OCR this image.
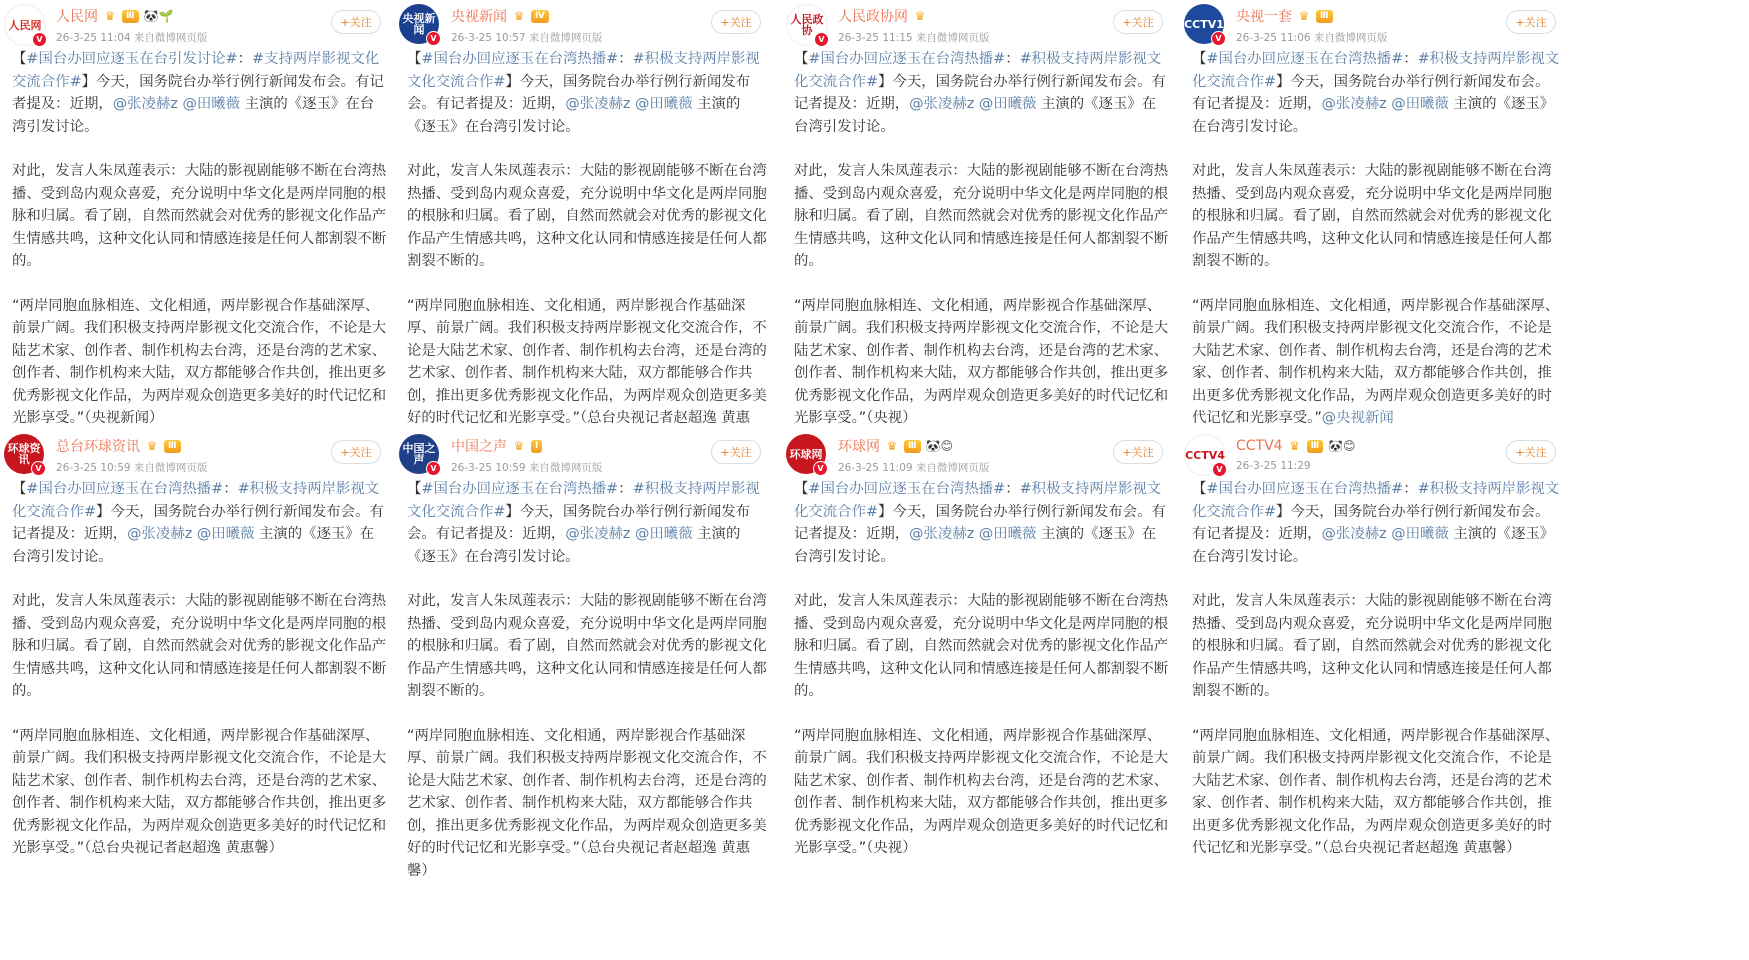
人民网
V
人民网 ♛	Ⅲ 🐼🌱
26-3-25 11:04 来自微博网页版
+关注

【#国台办回应逐玉在台引发讨论#：#支持两岸影视文化交流合作#】今天，国务院台办举行例行新闻发布会。有记者提及：近期，@张凌赫z @田曦薇 主演的《逐玉》在台湾引发讨论。

对此，发言人朱凤莲表示：大陆的影视剧能够不断在台湾热播、受到岛内观众喜爱，充分说明中华文化是两岸同胞的根脉和归属。看了剧，自然而然就会对优秀的影视文化作品产生情感共鸣，这种文化认同和情感连接是任何人都割裂不断的。

“两岸同胞血脉相连、文化相通，两岸影视合作基础深厚、前景广阔。我们积极支持两岸影视文化交流合作，不论是大陆艺术家、创作者、制作机构去台湾，还是台湾的艺术家、创作者、制作机构来大陆，双方都能够合作共创，推出更多优秀影视文化作品，为两岸观众创造更多美好的时代记忆和光影享受。”（央视新闻）

央视新闻
V
央视新闻 ♛	Ⅳ
26-3-25 10:57 来自微博网页版
+关注

【#国台办回应逐玉在台湾热播#：#积极支持两岸影视文化交流合作#】今天，国务院台办举行例行新闻发布会。有记者提及：近期，@张凌赫z @田曦薇 主演的《逐玉》在台湾引发讨论。

对此，发言人朱凤莲表示：大陆的影视剧能够不断在台湾热播、受到岛内观众喜爱，充分说明中华文化是两岸同胞的根脉和归属。看了剧，自然而然就会对优秀的影视文化作品产生情感共鸣，这种文化认同和情感连接是任何人都割裂不断的。

“两岸同胞血脉相连、文化相通，两岸影视合作基础深厚、前景广阔。我们积极支持两岸影视文化交流合作，不论是大陆艺术家、创作者、制作机构去台湾，还是台湾的艺术家、创作者、制作机构来大陆，双方都能够合作共创，推出更多优秀影视文化作品，为两岸观众创造更多美好的时代记忆和光影享受。”（总台央视记者赵超逸 黄惠

人民政协
V
人民政协网 ♛
26-3-25 11:15 来自微博网页版
+关注

【#国台办回应逐玉在台湾热播#：#积极支持两岸影视文化交流合作#】今天，国务院台办举行例行新闻发布会。有记者提及：近期，@张凌赫z @田曦薇 主演的《逐玉》在台湾引发讨论。

对此，发言人朱凤莲表示：大陆的影视剧能够不断在台湾热播、受到岛内观众喜爱，充分说明中华文化是两岸同胞的根脉和归属。看了剧，自然而然就会对优秀的影视文化作品产生情感共鸣，这种文化认同和情感连接是任何人都割裂不断的。

“两岸同胞血脉相连、文化相通，两岸影视合作基础深厚、前景广阔。我们积极支持两岸影视文化交流合作，不论是大陆艺术家、创作者、制作机构去台湾，还是台湾的艺术家、创作者、制作机构来大陆，双方都能够合作共创，推出更多优秀影视文化作品，为两岸观众创造更多美好的时代记忆和光影享受。”（央视）

CCTV1
V
央视一套 ♛	Ⅲ
26-3-25 11:06 来自微博网页版
+关注

【#国台办回应逐玉在台湾热播#：#积极支持两岸影视文化交流合作#】今天，国务院台办举行例行新闻发布会。有记者提及：近期，@张凌赫z @田曦薇 主演的《逐玉》在台湾引发讨论。

对此，发言人朱凤莲表示：大陆的影视剧能够不断在台湾热播、受到岛内观众喜爱，充分说明中华文化是两岸同胞的根脉和归属。看了剧，自然而然就会对优秀的影视文化作品产生情感共鸣，这种文化认同和情感连接是任何人都割裂不断的。

“两岸同胞血脉相连、文化相通，两岸影视合作基础深厚、前景广阔。我们积极支持两岸影视文化交流合作，不论是大陆艺术家、创作者、制作机构去台湾，还是台湾的艺术家、创作者、制作机构来大陆，双方都能够合作共创，推出更多优秀影视文化作品，为两岸观众创造更多美好的时代记忆和光影享受。”@央视新闻

环球资讯
V
总台环球资讯 ♛	Ⅲ
26-3-25 10:59 来自微博网页版
+关注

【#国台办回应逐玉在台湾热播#：#积极支持两岸影视文化交流合作#】今天，国务院台办举行例行新闻发布会。有记者提及：近期，@张凌赫z @田曦薇 主演的《逐玉》在台湾引发讨论。

对此，发言人朱凤莲表示：大陆的影视剧能够不断在台湾热播、受到岛内观众喜爱，充分说明中华文化是两岸同胞的根脉和归属。看了剧，自然而然就会对优秀的影视文化作品产生情感共鸣，这种文化认同和情感连接是任何人都割裂不断的。

“两岸同胞血脉相连、文化相通，两岸影视合作基础深厚、前景广阔。我们积极支持两岸影视文化交流合作，不论是大陆艺术家、创作者、制作机构去台湾，还是台湾的艺术家、创作者、制作机构来大陆，双方都能够合作共创，推出更多优秀影视文化作品，为两岸观众创造更多美好的时代记忆和光影享受。”（总台央视记者赵超逸 黄惠馨）

中国之声
V
中国之声 ♛	Ⅰ
26-3-25 10:59 来自微博网页版
+关注

【#国台办回应逐玉在台湾热播#：#积极支持两岸影视文化交流合作#】今天，国务院台办举行例行新闻发布会。有记者提及：近期，@张凌赫z @田曦薇 主演的《逐玉》在台湾引发讨论。

对此，发言人朱凤莲表示：大陆的影视剧能够不断在台湾热播、受到岛内观众喜爱，充分说明中华文化是两岸同胞的根脉和归属。看了剧，自然而然就会对优秀的影视文化作品产生情感共鸣，这种文化认同和情感连接是任何人都割裂不断的。

“两岸同胞血脉相连、文化相通，两岸影视合作基础深厚、前景广阔。我们积极支持两岸影视文化交流合作，不论是大陆艺术家、创作者、制作机构去台湾，还是台湾的艺术家、创作者、制作机构来大陆，双方都能够合作共创，推出更多优秀影视文化作品，为两岸观众创造更多美好的时代记忆和光影享受。”（总台央视记者赵超逸 黄惠馨）

环球网
V
环球网 ♛	Ⅲ 🐼😊
26-3-25 11:09 来自微博网页版
+关注

【#国台办回应逐玉在台湾热播#：#积极支持两岸影视文化交流合作#】今天，国务院台办举行例行新闻发布会。有记者提及：近期，@张凌赫z @田曦薇 主演的《逐玉》在台湾引发讨论。

对此，发言人朱凤莲表示：大陆的影视剧能够不断在台湾热播、受到岛内观众喜爱，充分说明中华文化是两岸同胞的根脉和归属。看了剧，自然而然就会对优秀的影视文化作品产生情感共鸣，这种文化认同和情感连接是任何人都割裂不断的。

“两岸同胞血脉相连、文化相通，两岸影视合作基础深厚、前景广阔。我们积极支持两岸影视文化交流合作，不论是大陆艺术家、创作者、制作机构去台湾，还是台湾的艺术家、创作者、制作机构来大陆，双方都能够合作共创，推出更多优秀影视文化作品，为两岸观众创造更多美好的时代记忆和光影享受。”（央视）

CCTV4
V
CCTV4 ♛	Ⅲ 🐼😊
26-3-25 11:29
+关注

【#国台办回应逐玉在台湾热播#：#积极支持两岸影视文化交流合作#】今天，国务院台办举行例行新闻发布会。有记者提及：近期，@张凌赫z @田曦薇 主演的《逐玉》在台湾引发讨论。

对此，发言人朱凤莲表示：大陆的影视剧能够不断在台湾热播、受到岛内观众喜爱，充分说明中华文化是两岸同胞的根脉和归属。看了剧，自然而然就会对优秀的影视文化作品产生情感共鸣，这种文化认同和情感连接是任何人都割裂不断的。

“两岸同胞血脉相连、文化相通，两岸影视合作基础深厚、前景广阔。我们积极支持两岸影视文化交流合作，不论是大陆艺术家、创作者、制作机构去台湾，还是台湾的艺术家、创作者、制作机构来大陆，双方都能够合作共创，推出更多优秀影视文化作品，为两岸观众创造更多美好的时代记忆和光影享受。”（总台央视记者赵超逸 黄惠馨）
